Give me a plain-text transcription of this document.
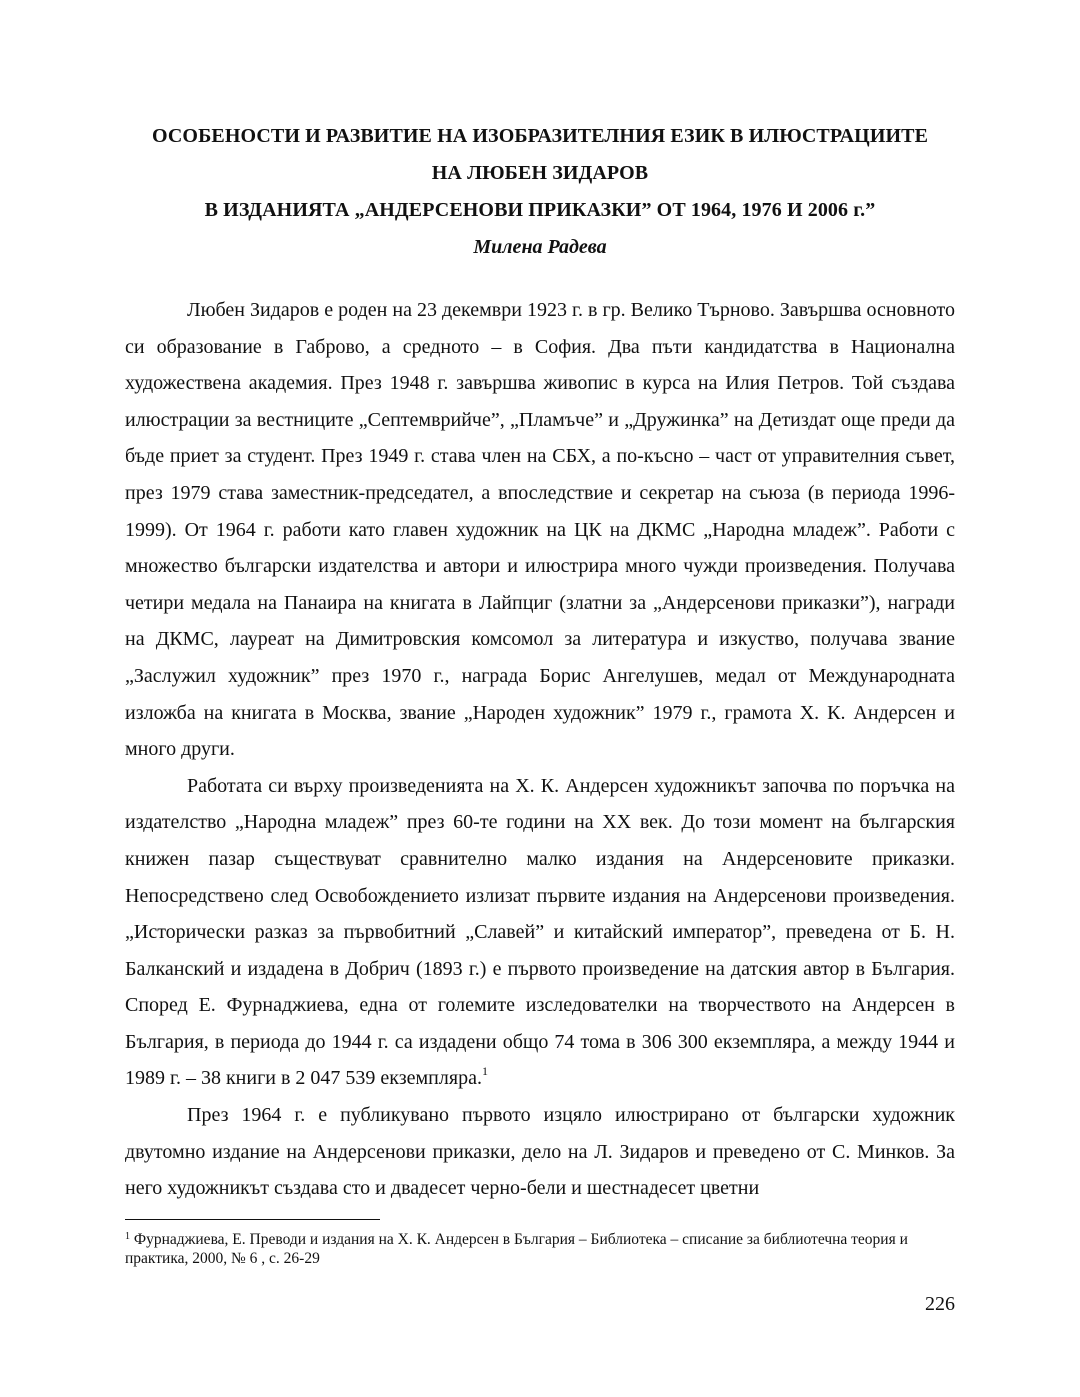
ОСОБЕНОСТИ И РАЗВИТИЕ НА ИЗОБРАЗИТЕЛНИЯ ЕЗИК В ИЛЮСТРАЦИИТЕ
НА ЛЮБЕН ЗИДАРОВ
В ИЗДАНИЯТА „АНДЕРСЕНОВИ ПРИКАЗКИ” ОТ 1964, 1976 И 2006 г.”
Милена Радева

Любен Зидаров е роден на 23 декември 1923 г. в гр. Велико Търново. Завършва основното си образование в Габрово, а средното – в София. Два пъти кандидатства в Национална художествена академия. През 1948 г. завършва живопис в курса на Илия Петров. Той създава илюстрации за вестниците „Септемврийче”, „Пламъче” и „Дружинка” на Детиздат още преди да бъде приет за студент. През 1949 г. става член на СБХ, а по-късно – част от управителния съвет, през 1979 става заместник-председател, а впоследствие и секретар на съюза (в периода 1996-1999). От 1964 г. работи като главен художник на ЦК на ДКМС „Народна младеж”. Работи с множество български издателства и автори и илюстрира много чужди произведения. Получава четири медала на Панаира на книгата в Лайпциг (златни за „Андерсенови приказки”), награди на ДКМС, лауреат на Димитровския комсомол за литература и изкуство, получава звание „Заслужил художник” през 1970 г., награда Борис Ангелушев, медал от Международната изложба на книгата в Москва, звание „Народен художник” 1979 г., грамота Х. К. Андерсен и много други.

Работата си върху произведенията на Х. К. Андерсен художникът започва по поръчка на издателство „Народна младеж” през 60-те години на XX век. До този момент на българския книжен пазар съществуват сравнително малко издания на Андерсеновите приказки. Непосредствено след Освобождението излизат първите издания на Андерсенови произведения. „Исторически разказ за първобитний „Славей” и китайский император”, преведена от Б. Н. Балканский и издадена в Добрич (1893 г.) е първото произведение на датския автор в България. Според Е. Фурнаджиева, една от големите изследователки на творчеството на Андерсен в България, в периода до 1944 г. са издадени общо 74 тома в 306 300 екземпляра, а между 1944 и 1989 г. – 38 книги в 2 047 539 екземпляра.$^1$

През 1964 г. е публикувано първото изцяло илюстрирано от български художник двутомно издание на Андерсенови приказки, дело на Л. Зидаров и преведено от С. Минков. За него художникът създава сто и двадесет черно-бели и шестнадесет цветни

$^1$ Фурнаджиева, Е. Преводи и издания на Х. К. Андерсен в България – Библиотека – списание за библиотечна теория и практика, 2000, № 6 , с. 26-29
226
